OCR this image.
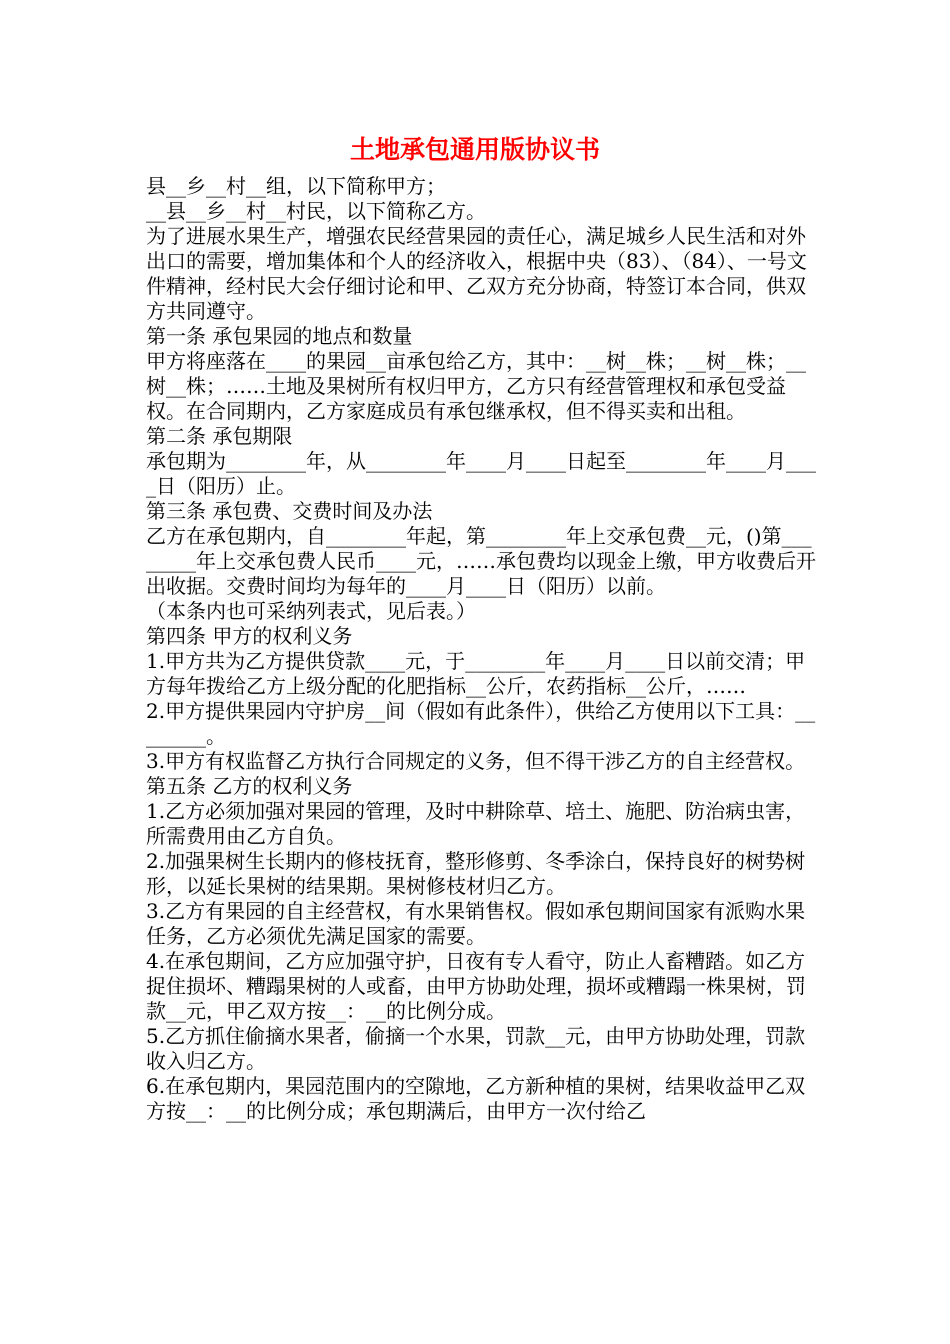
土地承包通用版协议书

县__乡__村__组，以下简称甲方；

__县__乡__村__村民，以下简称乙方。

为了进展水果生产，增强农民经营果园的责任心，满足城乡人民生活和对外出口的需要，增加集体和个人的经济收入，根据中央（83）、（84）、一号文件精神，经村民大会仔细讨论和甲、乙双方充分协商，特签订本合同，供双方共同遵守。

第一条 承包果园的地点和数量

甲方将座落在____的果园__亩承包给乙方，其中：__树__株；__树__株；__树__株；……土地及果树所有权归甲方，乙方只有经营管理权和承包受益权。在合同期内，乙方家庭成员有承包继承权，但不得买卖和出租。

第二条 承包期限

承包期为________年，从________年____月____日起至________年____月____日（阳历）止。

第三条 承包费、交费时间及办法

乙方在承包期内，自________年起，第________年上交承包费__元，()第________年上交承包费人民币____元，……承包费均以现金上缴，甲方收费后开出收据。交费时间均为每年的____月____日（阳历）以前。

（本条内也可采纳列表式，见后表。）

第四条 甲方的权利义务

1.甲方共为乙方提供贷款____元，于________年____月____日以前交清；甲方每年拨给乙方上级分配的化肥指标__公斤，农药指标__公斤，……

2.甲方提供果园内守护房__间（假如有此条件），供给乙方使用以下工具：________。

3.甲方有权监督乙方执行合同规定的义务，但不得干涉乙方的自主经营权。

第五条 乙方的权利义务

1.乙方必须加强对果园的管理，及时中耕除草、培土、施肥、防治病虫害，所需费用由乙方自负。

2.加强果树生长期内的修枝抚育，整形修剪、冬季涂白，保持良好的树势树形，以延长果树的结果期。果树修枝材归乙方。

3.乙方有果园的自主经营权，有水果销售权。假如承包期间国家有派购水果任务，乙方必须优先满足国家的需要。

4.在承包期间，乙方应加强守护，日夜有专人看守，防止人畜糟踏。如乙方捉住损坏、糟蹋果树的人或畜，由甲方协助处理，损坏或糟蹋一株果树，罚款__元，甲乙双方按__：__的比例分成。

5.乙方抓住偷摘水果者，偷摘一个水果，罚款__元，由甲方协助处理，罚款收入归乙方。

6.在承包期内，果园范围内的空隙地，乙方新种植的果树，结果收益甲乙双方按__：__的比例分成；承包期满后，由甲方一次付给乙
